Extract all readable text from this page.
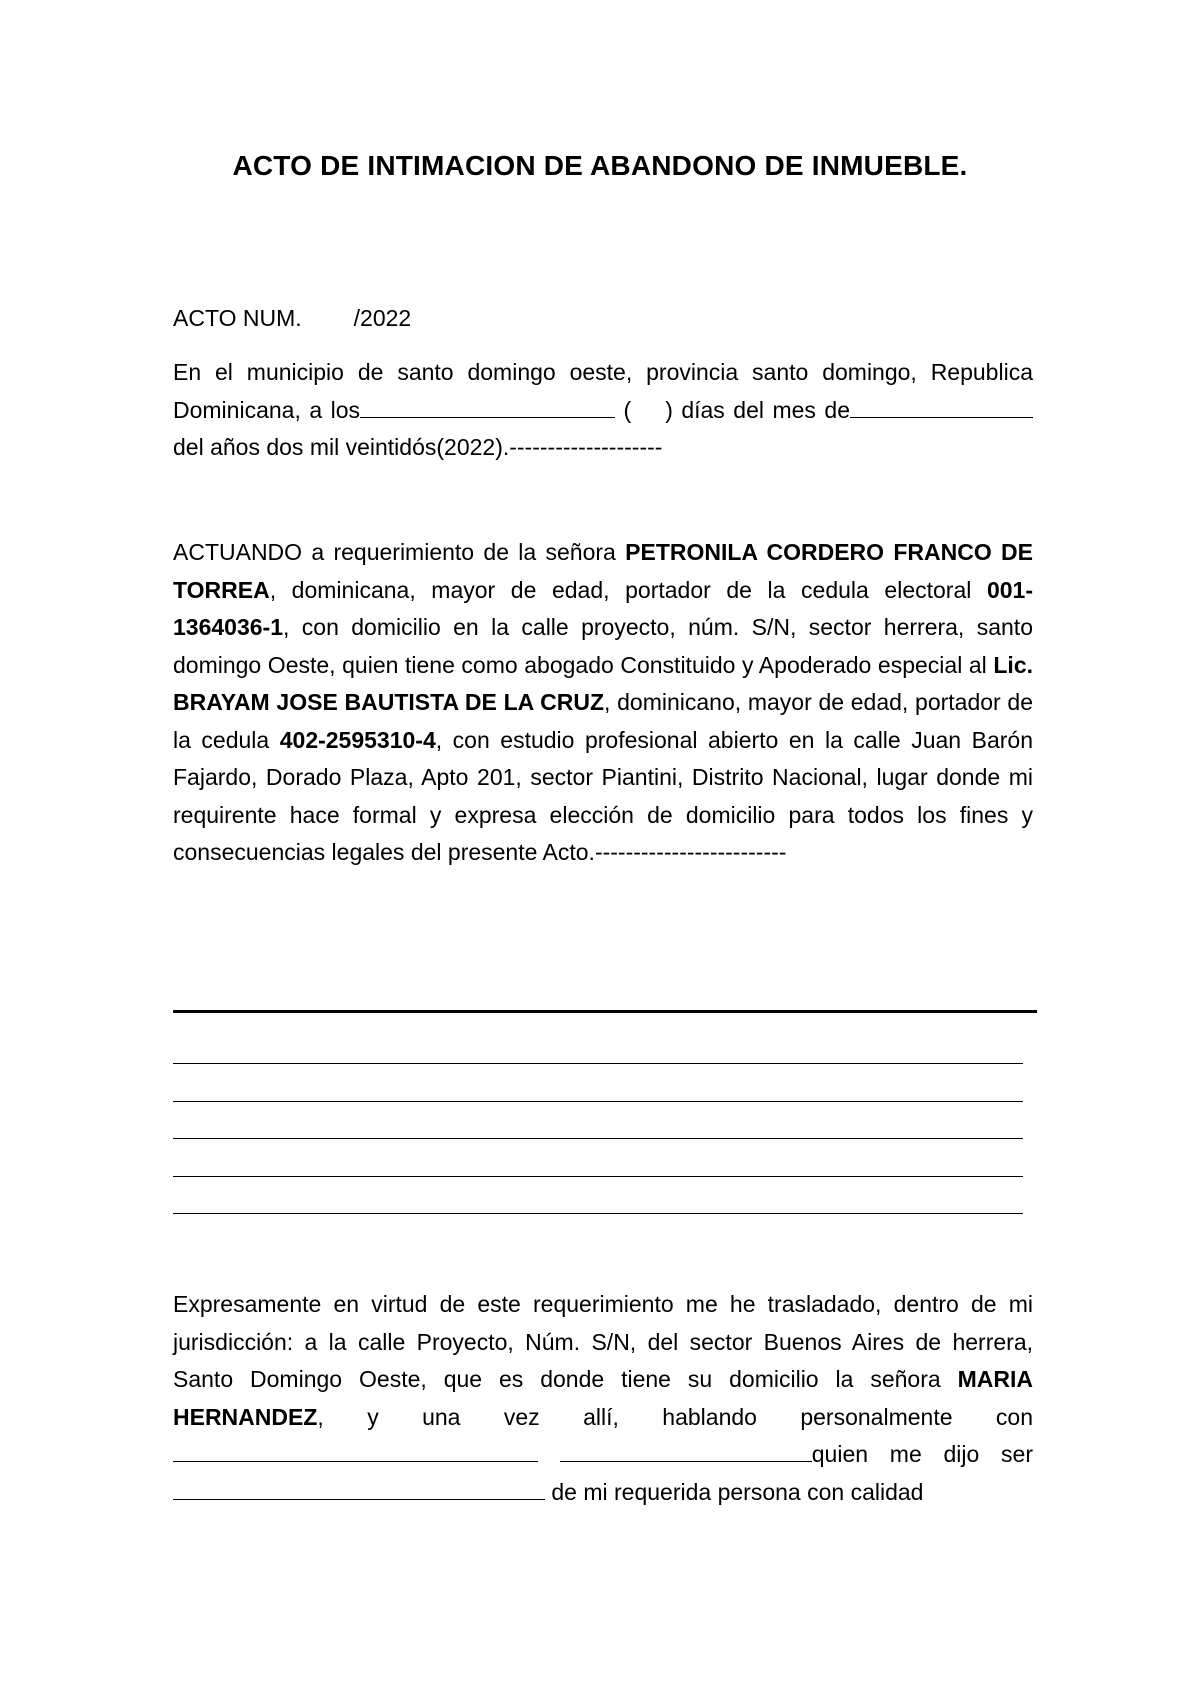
ACTO DE INTIMACION DE ABANDONO DE INMUEBLE.
ACTO NUM. /2022
En el municipio de santo domingo oeste, provincia santo domingo, Republica Dominicana, a los	( ) días del mes de del años dos mil veintidós(2022).--------------------
ACTUANDO a requerimiento de la señora PETRONILA CORDERO FRANCO DE TORREA, dominicana, mayor de edad, portador de la cedula electoral 001-1364036-1, con domicilio en la calle proyecto, núm. S/N, sector herrera, santo domingo Oeste, quien tiene como abogado Constituido y Apoderado especial al Lic. BRAYAM JOSE BAUTISTA DE LA CRUZ, dominicano, mayor de edad, portador de la cedula 402-2595310-4, con estudio profesional abierto en la calle Juan Barón Fajardo, Dorado Plaza, Apto 201, sector Piantini, Distrito Nacional, lugar donde mi requirente hace formal y expresa elección de domicilio para todos los fines y consecuencias legales del presente Acto.-------------------------
Expresamente en virtud de este requerimiento me he trasladado, dentro de mi jurisdicción: a la calle Proyecto, Núm. S/N, del sector Buenos Aires de herrera, Santo Domingo Oeste, que es donde tiene su domicilio la señora MARIA HERNANDEZ, y una vez allí, hablando personalmente con quien me dijo ser de mi requerida persona con calidad
